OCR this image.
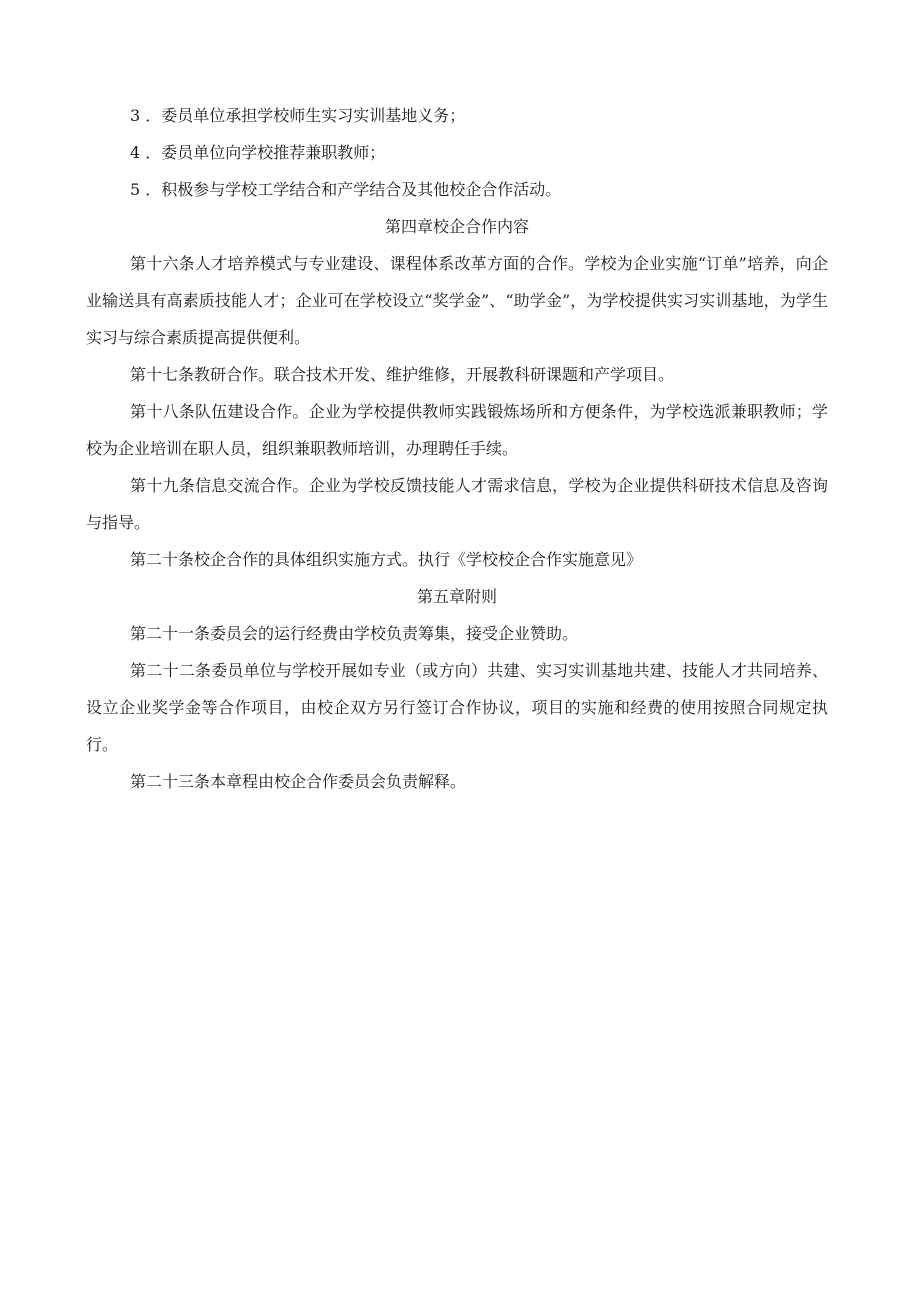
3 ．委员单位承担学校师生实习实训基地义务；

4 ．委员单位向学校推荐兼职教师；

5 ．积极参与学校工学结合和产学结合及其他校企合作活动。

第四章校企合作内容

第十六条人才培养模式与专业建设、课程体系改革方面的合作。学校为企业实施“订单”培养，向企业输送具有高素质技能人才；企业可在学校设立“奖学金”、“助学金”，为学校提供实习实训基地，为学生实习与综合素质提高提供便利。

第十七条教研合作。联合技术开发、维护维修，开展教科研课题和产学项目。

第十八条队伍建设合作。企业为学校提供教师实践锻炼场所和方便条件，为学校选派兼职教师；学校为企业培训在职人员，组织兼职教师培训，办理聘任手续。

第十九条信息交流合作。企业为学校反馈技能人才需求信息，学校为企业提供科研技术信息及咨询与指导。

第二十条校企合作的具体组织实施方式。执行《学校校企合作实施意见》

第五章附则

第二十一条委员会的运行经费由学校负责筹集，接受企业赞助。

第二十二条委员单位与学校开展如专业（或方向）共建、实习实训基地共建、技能人才共同培养、设立企业奖学金等合作项目，由校企双方另行签订合作协议，项目的实施和经费的使用按照合同规定执行。

第二十三条本章程由校企合作委员会负责解释。
